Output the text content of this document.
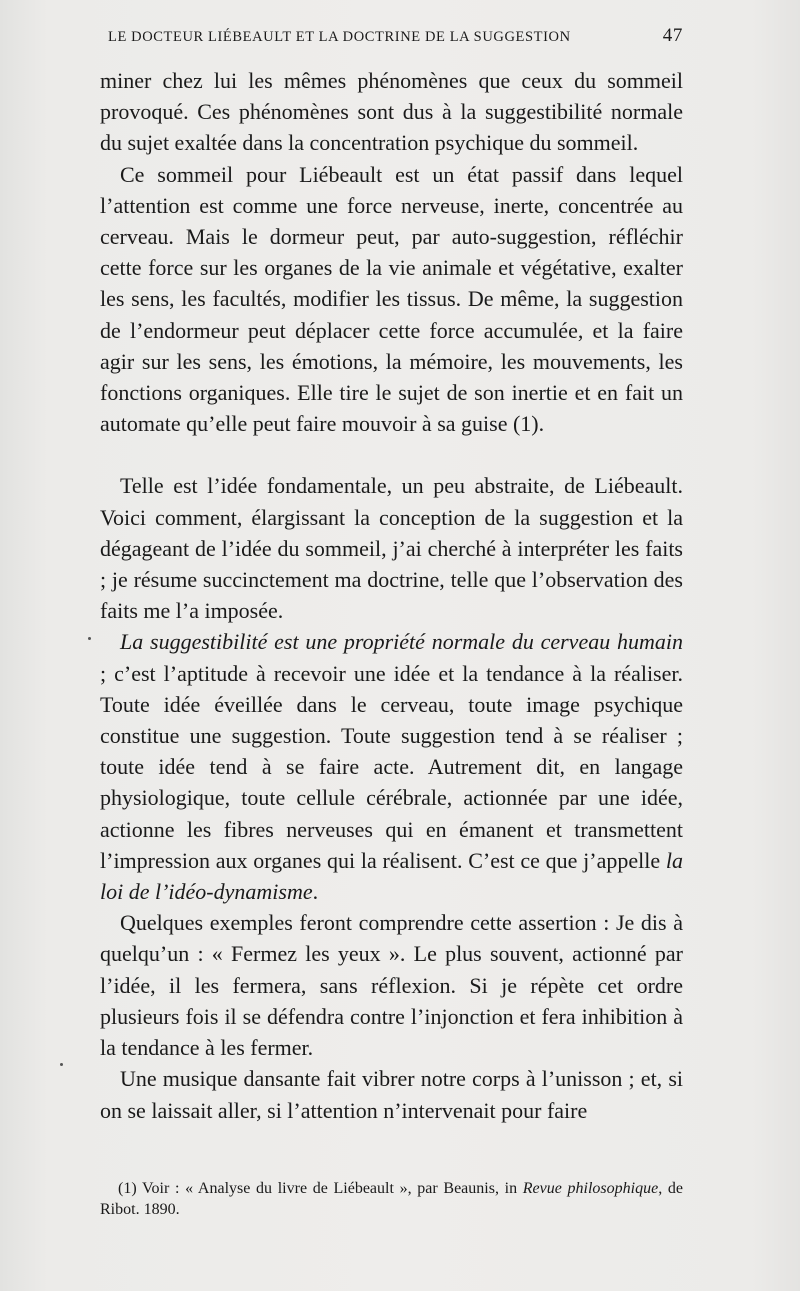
LE DOCTEUR LIÉBEAULT ET LA DOCTRINE DE LA SUGGESTION	47

miner chez lui les mêmes phénomènes que ceux du sommeil provoqué. Ces phénomènes sont dus à la suggestibilité normale du sujet exaltée dans la concentration psychique du sommeil.

Ce sommeil pour Liébeault est un état passif dans lequel l’attention est comme une force nerveuse, inerte, concentrée au cerveau. Mais le dormeur peut, par auto-suggestion, réfléchir cette force sur les organes de la vie animale et végétative, exalter les sens, les facultés, modifier les tissus. De même, la suggestion de l’endormeur peut déplacer cette force accumulée, et la faire agir sur les sens, les émotions, la mémoire, les mouvements, les fonctions organiques. Elle tire le sujet de son inertie et en fait un automate qu’elle peut faire mouvoir à sa guise (1).

Telle est l’idée fondamentale, un peu abstraite, de Liébeault. Voici comment, élargissant la conception de la suggestion et la dégageant de l’idée du sommeil, j’ai cherché à interpréter les faits ; je résume succinctement ma doctrine, telle que l’observation des faits me l’a imposée.

La suggestibilité est une propriété normale du cerveau humain ; c’est l’aptitude à recevoir une idée et la tendance à la réaliser. Toute idée éveillée dans le cerveau, toute image psychique constitue une suggestion. Toute suggestion tend à se réaliser ; toute idée tend à se faire acte. Autrement dit, en langage physiologique, toute cellule cérébrale, actionnée par une idée, actionne les fibres nerveuses qui en émanent et transmettent l’impression aux organes qui la réalisent. C’est ce que j’appelle la loi de l’idéo-dynamisme.

Quelques exemples feront comprendre cette assertion : Je dis à quelqu’un : « Fermez les yeux ». Le plus souvent, actionné par l’idée, il les fermera, sans réflexion. Si je répète cet ordre plusieurs fois il se défendra contre l’injonction et fera inhibition à la tendance à les fermer.

Une musique dansante fait vibrer notre corps à l’unisson ; et, si on se laissait aller, si l’attention n’intervenait pour faire

(1) Voir : « Analyse du livre de Liébeault », par Beaunis, in Revue philosophique, de Ribot. 1890.
